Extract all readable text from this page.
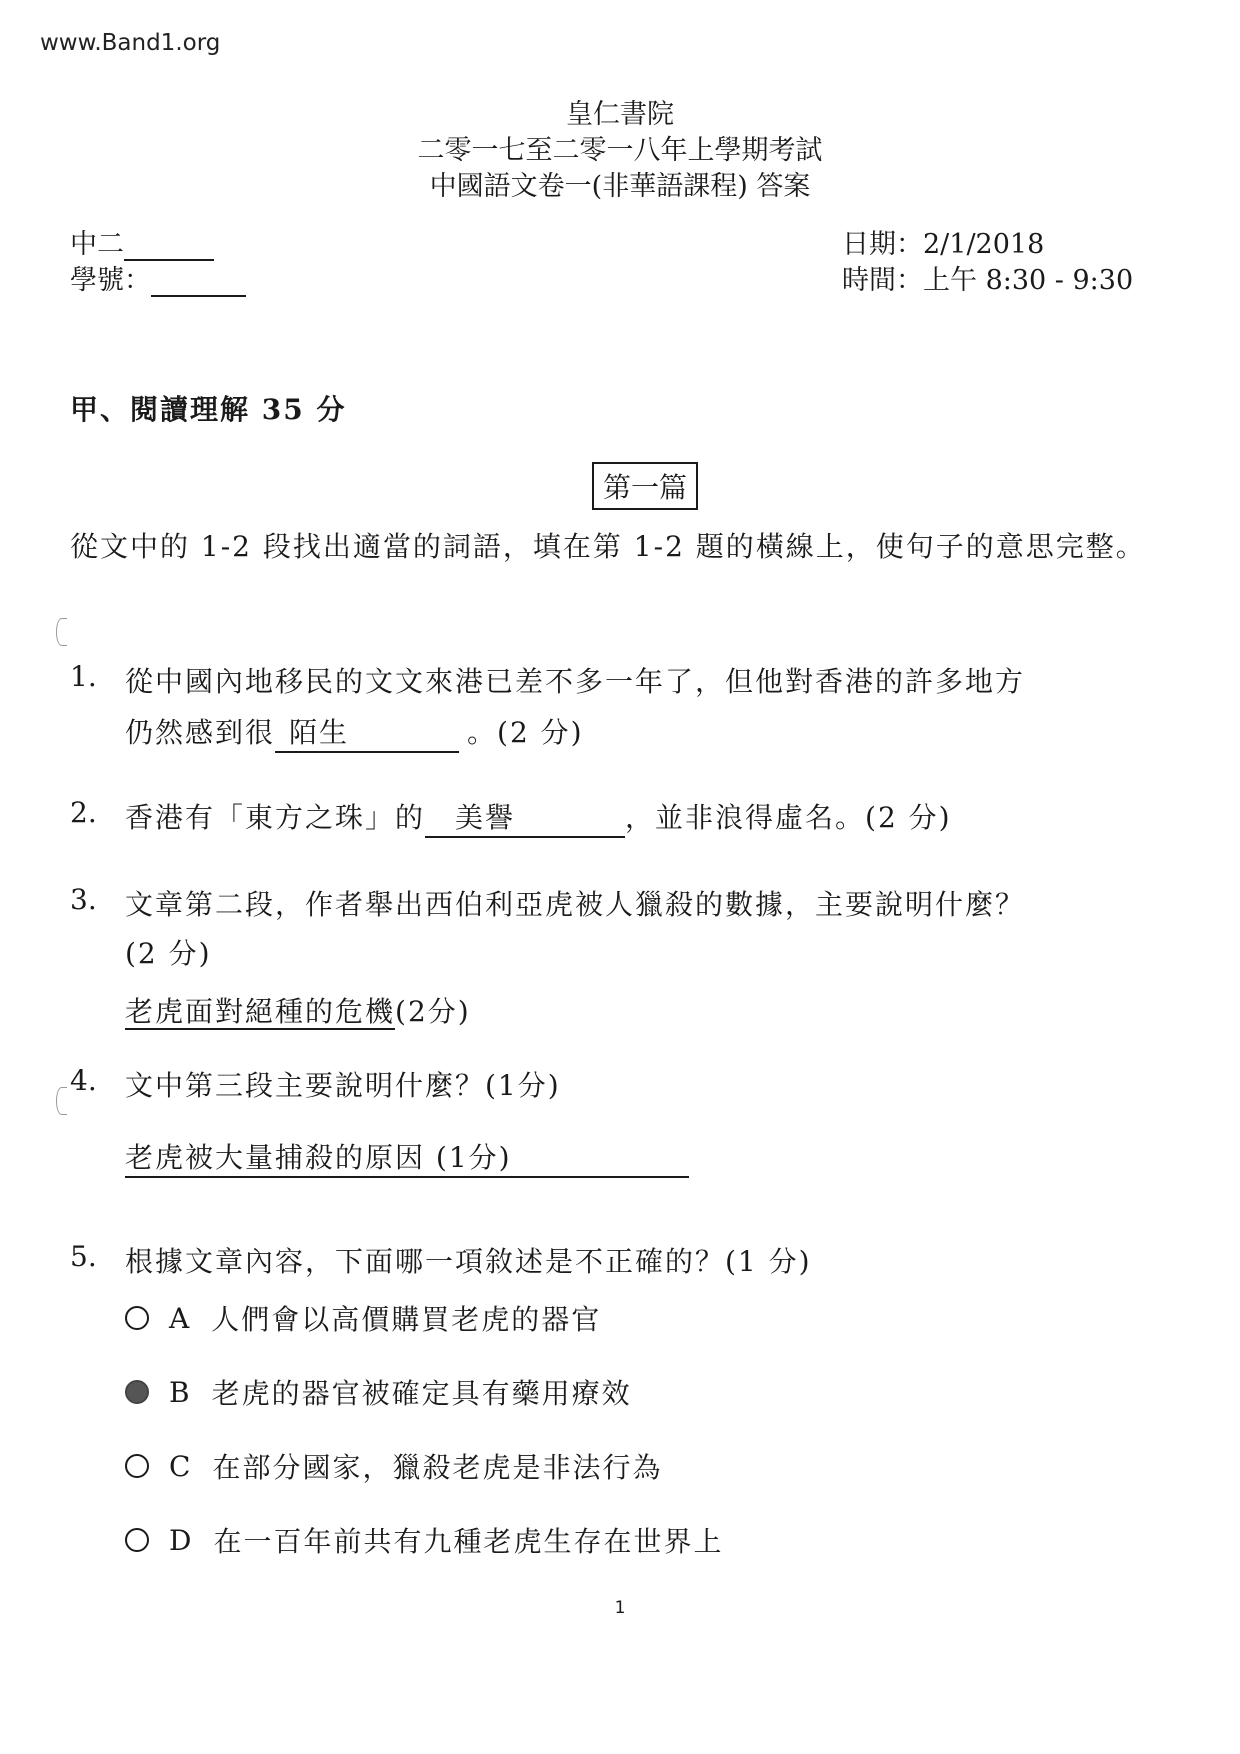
www.Band1.org
皇仁書院
二零一七至二零一八年上學期考試
中國語文卷一(非華語課程) 答案
中二
學號：
日期：2/1/2018
時間：上午 8:30 - 9:30
甲、閱讀理解 35 分
第一篇
從文中的 1-2 段找出適當的詞語，填在第 1-2 題的橫線上，使句子的意思完整。
1. 從中國內地移民的文文來港已差不多一年了，但他對香港的許多地方
仍然感到很 陌生	。(2 分)
2. 香港有「東方之珠」的 美譽	，並非浪得虛名。(2 分)
3. 文章第二段，作者舉出西伯利亞虎被人獵殺的數據，主要說明什麼？
(2 分)
老虎面對絕種的危機(2分)
4. 文中第三段主要說明什麼？(1分)
老虎被大量捕殺的原因 (1分)
5. 根據文章內容，下面哪一項敘述是不正確的？(1 分)
A 人們會以高價購買老虎的器官
B 老虎的器官被確定具有藥用療效
C 在部分國家，獵殺老虎是非法行為
D 在一百年前共有九種老虎生存在世界上
1
